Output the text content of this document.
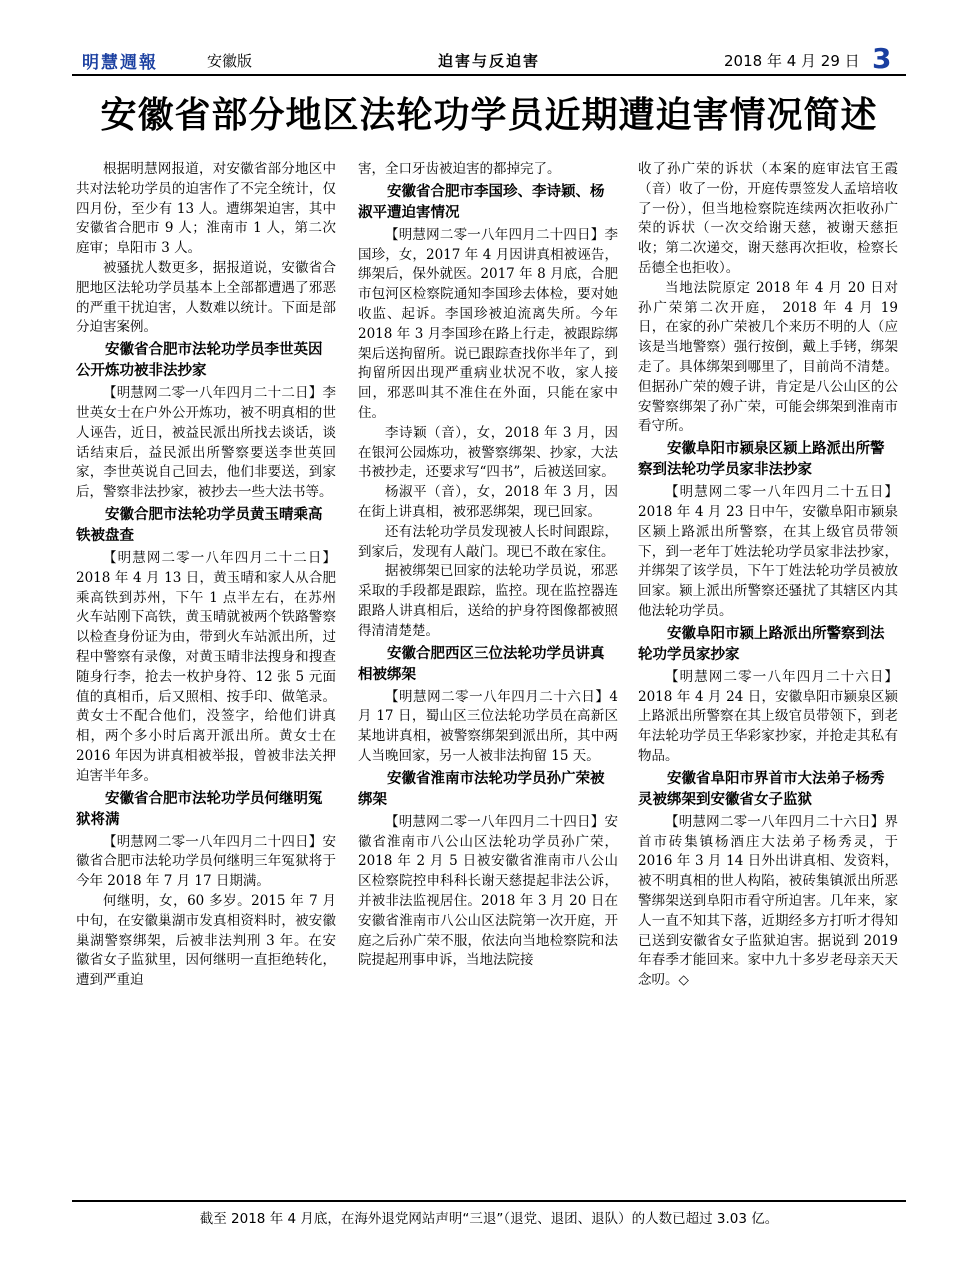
明慧週報	安徽版	迫害与反迫害	2018 年 4 月 29 日 3
安徽省部分地区法轮功学员近期遭迫害情况简述

根据明慧网报道，对安徽省部分地区中共对法轮功学员的迫害作了不完全统计，仅四月份，至少有 13 人。遭绑架迫害，其中安徽省合肥市 9 人；淮南市 1 人，第二次庭审；阜阳市 3 人。

被骚扰人数更多，据报道说，安徽省合肥地区法轮功学员基本上全部都遭遇了邪恶的严重干扰迫害，人数难以统计。下面是部分迫害案例。

安徽省合肥市法轮功学员李世英因公开炼功被非法抄家

【明慧网二零一八年四月二十二日】李世英女士在户外公开炼功，被不明真相的世人诬告，近日，被益民派出所找去谈话，谈话结束后，益民派出所警察要送李世英回家，李世英说自己回去，他们非要送，到家后，警察非法抄家，被抄去一些大法书等。

安徽合肥市法轮功学员黄玉晴乘高铁被盘查

【明慧网二零一八年四月二十二日】2018 年 4 月 13 日，黄玉晴和家人从合肥乘高铁到苏州，下午 1 点半左右，在苏州火车站刚下高铁，黄玉晴就被两个铁路警察以检查身份证为由，带到火车站派出所，过程中警察有录像，对黄玉晴非法搜身和搜查随身行李，抢去一枚护身符、12 张 5 元面值的真相币，后又照相、按手印、做笔录。黄女士不配合他们，没签字，给他们讲真相，两个多小时后离开派出所。黄女士在 2016 年因为讲真相被举报，曾被非法关押迫害半年多。

安徽省合肥市法轮功学员何继明冤狱将满

【明慧网二零一八年四月二十四日】安徽省合肥市法轮功学员何继明三年冤狱将于今年 2018 年 7 月 17 日期满。

何继明，女，60 多岁。2015 年 7 月中旬，在安徽巢湖市发真相资料时，被安徽巢湖警察绑架，后被非法判刑 3 年。在安徽省女子监狱里，因何继明一直拒绝转化，遭到严重迫

害，全口牙齿被迫害的都掉完了。

安徽省合肥市李国珍、李诗颖、杨淑平遭迫害情况

【明慧网二零一八年四月二十四日】李国珍，女，2017 年 4 月因讲真相被诬告，绑架后，保外就医。2017 年 8 月底，合肥市包河区检察院通知李国珍去体检，要对她收监、起诉。李国珍被迫流离失所。今年 2018 年 3 月李国珍在路上行走，被跟踪绑架后送拘留所。说已跟踪查找你半年了，到拘留所因出现严重病业状况不收，家人接回，邪恶叫其不准住在外面，只能在家中住。

李诗颖（音），女，2018 年 3 月，因在银河公园炼功，被警察绑架、抄家，大法书被抄走，还要求写“四书”，后被送回家。

杨淑平（音），女，2018 年 3 月，因在街上讲真相，被邪恶绑架，现已回家。

还有法轮功学员发现被人长时间跟踪，到家后，发现有人敲门。现已不敢在家住。

据被绑架已回家的法轮功学员说，邪恶采取的手段都是跟踪，监控。现在监控器连跟路人讲真相后，送给的护身符图像都被照得清清楚楚。

安徽合肥西区三位法轮功学员讲真相被绑架

【明慧网二零一八年四月二十六日】4 月 17 日，蜀山区三位法轮功学员在高新区某地讲真相，被警察绑架到派出所，其中两人当晚回家，另一人被非法拘留 15 天。

安徽省淮南市法轮功学员孙广荣被绑架

【明慧网二零一八年四月二十四日】安徽省淮南市八公山区法轮功学员孙广荣，2018 年 2 月 5 日被安徽省淮南市八公山区检察院控申科科长谢天慈提起非法公诉，并被非法监视居住。2018 年 3 月 20 日在安徽省淮南市八公山区法院第一次开庭，开庭之后孙广荣不服，依法向当地检察院和法院提起刑事申诉，当地法院接

收了孙广荣的诉状（本案的庭审法官王霞（音）收了一份，开庭传票签发人孟培培收了一份），但当地检察院连续两次拒收孙广荣的诉状（一次交给谢天慈，被谢天慈拒收；第二次递交，谢天慈再次拒收，检察长岳德全也拒收）。

当地法院原定 2018 年 4 月 20 日对孙广荣第二次开庭， 2018 年 4 月 19 日，在家的孙广荣被几个来历不明的人（应该是当地警察）强行按倒，戴上手铐，绑架走了。具体绑架到哪里了，目前尚不清楚。但据孙广荣的嫂子讲，肯定是八公山区的公安警察绑架了孙广荣，可能会绑架到淮南市看守所。

安徽阜阳市颍泉区颍上路派出所警察到法轮功学员家非法抄家

【明慧网二零一八年四月二十五日】2018 年 4 月 23 日中午，安徽阜阳市颍泉区颍上路派出所警察，在其上级官员带领下，到一老年丁姓法轮功学员家非法抄家，并绑架了该学员，下午丁姓法轮功学员被放回家。颍上派出所警察还骚扰了其辖区内其他法轮功学员。

安徽阜阳市颍上路派出所警察到法轮功学员家抄家

【明慧网二零一八年四月二十六日】2018 年 4 月 24 日，安徽阜阳市颍泉区颍上路派出所警察在其上级官员带领下，到老年法轮功学员王华彩家抄家，并抢走其私有物品。

安徽省阜阳市界首市大法弟子杨秀灵被绑架到安徽省女子监狱

【明慧网二零一八年四月二十六日】界首市砖集镇杨酒庄大法弟子杨秀灵，于 2016 年 3 月 14 日外出讲真相、发资料，被不明真相的世人构陷，被砖集镇派出所恶警绑架送到阜阳市看守所迫害。几年来，家人一直不知其下落，近期经多方打听才得知已送到安徽省女子监狱迫害。据说到 2019 年春季才能回来。家中九十多岁老母亲天天念叨。◇

截至 2018 年 4 月底，在海外退党网站声明“三退”（退党、退团、退队）的人数已超过 3.03 亿。
